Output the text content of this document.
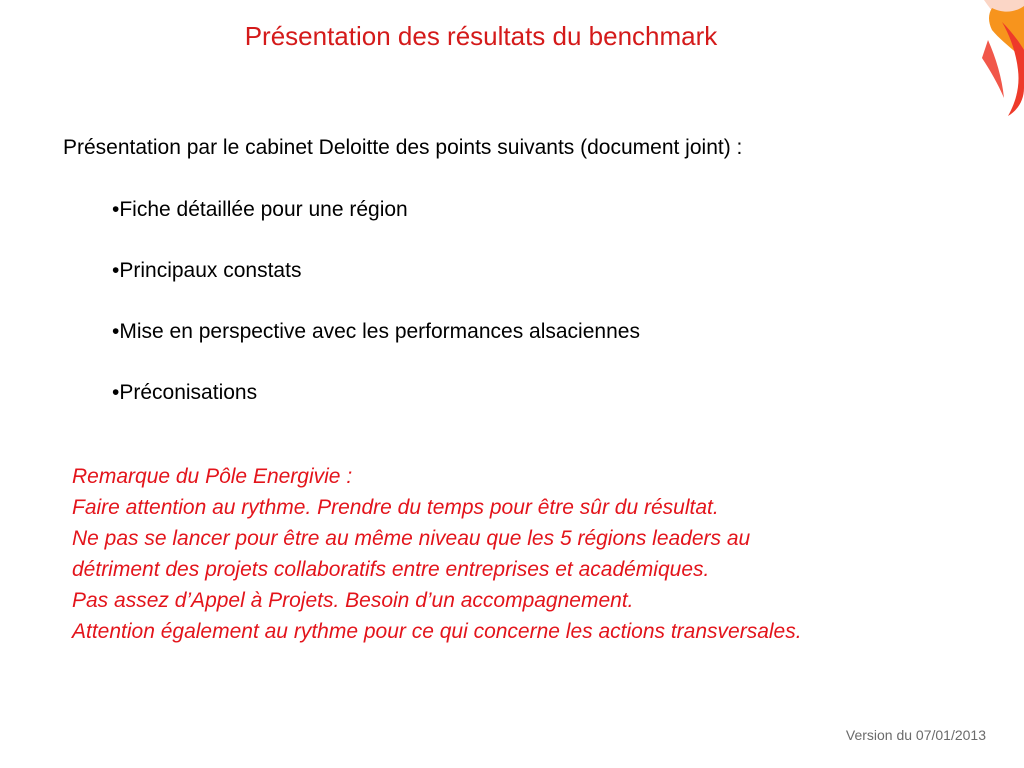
Présentation des résultats du benchmark
Présentation par le cabinet Deloitte des points suivants (document joint) :
•Fiche détaillée pour une région
•Principaux constats
•Mise en perspective avec les performances alsaciennes
•Préconisations
Remarque du Pôle Energivie :
Faire attention au rythme. Prendre du temps pour être sûr du résultat.
Ne pas se lancer pour être au même niveau que les 5 régions leaders au
détriment des projets collaboratifs entre entreprises et académiques.
Pas assez d’Appel à Projets. Besoin d’un accompagnement.
Attention également au rythme pour ce qui concerne les actions transversales.
Version du 07/01/2013
